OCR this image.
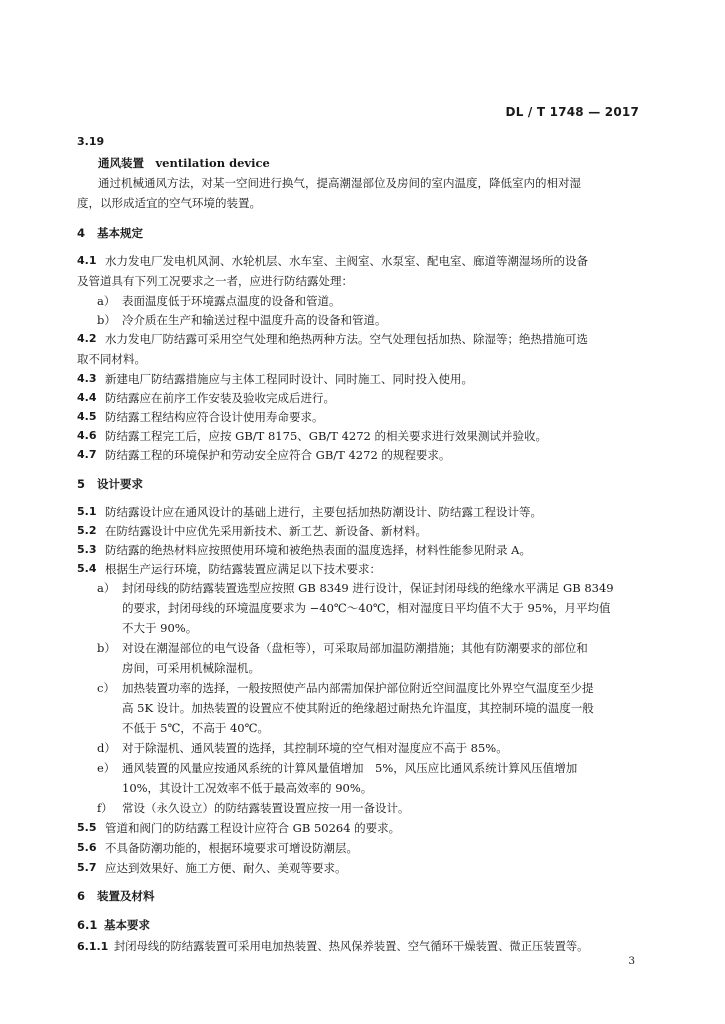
DL / T 1748 — 2017
3.19
通风装置　ventilation device
通过机械通风方法，对某一空间进行换气，提高潮湿部位及房间的室内温度，降低室内的相对湿
度，以形成适宜的空气环境的装置。
4 基本规定
4.1 水力发电厂发电机风洞、水轮机层、水车室、主阀室、水泵室、配电室、廊道等潮湿场所的设备
及管道具有下列工况要求之一者，应进行防结露处理：
a） 表面温度低于环境露点温度的设备和管道。
b） 冷介质在生产和输送过程中温度升高的设备和管道。
4.2 水力发电厂防结露可采用空气处理和绝热两种方法。空气处理包括加热、除湿等；绝热措施可选
取不同材料。
4.3 新建电厂防结露措施应与主体工程同时设计、同时施工、同时投入使用。
4.4 防结露应在前序工作安装及验收完成后进行。
4.5 防结露工程结构应符合设计使用寿命要求。
4.6 防结露工程完工后，应按 GB/T 8175、GB/T 4272 的相关要求进行效果测试并验收。
4.7 防结露工程的环境保护和劳动安全应符合 GB/T 4272 的规程要求。
5 设计要求
5.1 防结露设计应在通风设计的基础上进行，主要包括加热防潮设计、防结露工程设计等。
5.2 在防结露设计中应优先采用新技术、新工艺、新设备、新材料。
5.3 防结露的绝热材料应按照使用环境和被绝热表面的温度选择，材料性能参见附录 A。
5.4 根据生产运行环境，防结露装置应满足以下技术要求：
a） 封闭母线的防结露装置选型应按照 GB 8349 进行设计，保证封闭母线的绝缘水平满足 GB 8349
的要求，封闭母线的环境温度要求为 −40℃～40℃，相对湿度日平均值不大于 95%，月平均值
不大于 90%。
b） 对设在潮湿部位的电气设备（盘柜等），可采取局部加温防潮措施；其他有防潮要求的部位和
房间，可采用机械除湿机。
c） 加热装置功率的选择，一般按照使产品内部需加保护部位附近空间温度比外界空气温度至少提
高 5K 设计。加热装置的设置应不使其附近的绝缘超过耐热允许温度，其控制环境的温度一般
不低于 5℃，不高于 40℃。
d） 对于除湿机、通风装置的选择，其控制环境的空气相对湿度应不高于 85%。
e） 通风装置的风量应按通风系统的计算风量值增加　5%，风压应比通风系统计算风压值增加
10%，其设计工况效率不低于最高效率的 90%。
f） 常设（永久设立）的防结露装置设置应按一用一备设计。
5.5 管道和阀门的防结露工程设计应符合 GB 50264 的要求。
5.6 不具备防潮功能的，根据环境要求可增设防潮层。
5.7 应达到效果好、施工方便、耐久、美观等要求。
6 装置及材料
6.1 基本要求
6.1.1 封闭母线的防结露装置可采用电加热装置、热风保养装置、空气循环干燥装置、微正压装置等。
3
